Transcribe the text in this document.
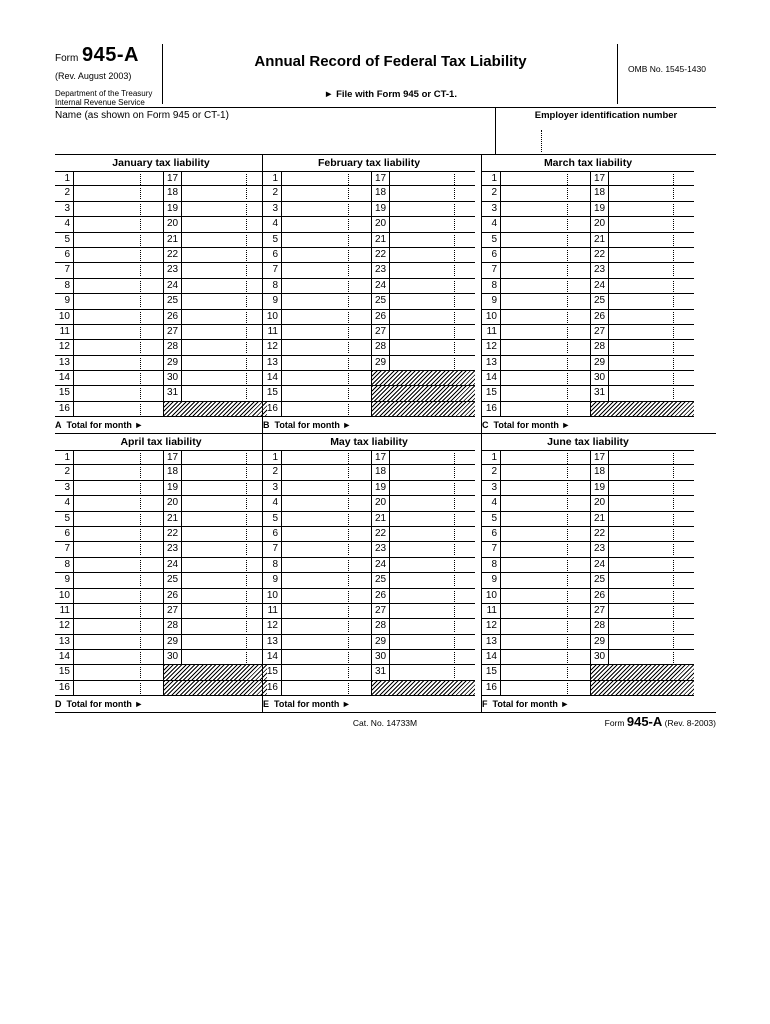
Form 945-A
(Rev. August 2003)
Department of the Treasury
Internal Revenue Service
Annual Record of Federal Tax Liability
► File with Form 945 or CT-1.
OMB No. 1545-1430
Name (as shown on Form 945 or CT-1)	Employer identification number
January tax liability
1	17
2	18
3	19
4	20
5	21
6	22
7	23
8	24
9	25
10	26
11	27
12	28
13	29
14	30
15	31
16
A Total for month ►
February tax liability
1	17
2	18
3	19
4	20
5	21
6	22
7	23
8	24
9	25
10	26
11	27
12	28
13	29
14
15
16
B Total for month ►
March tax liability
1	17
2	18
3	19
4	20
5	21
6	22
7	23
8	24
9	25
10	26
11	27
12	28
13	29
14	30
15	31
16
C Total for month ►
April tax liability
1	17
2	18
3	19
4	20
5	21
6	22
7	23
8	24
9	25
10	26
11	27
12	28
13	29
14	30
15
16
D Total for month ►
May tax liability
1	17
2	18
3	19
4	20
5	21
6	22
7	23
8	24
9	25
10	26
11	27
12	28
13	29
14	30
15	31
16
E Total for month ►
June tax liability
1	17
2	18
3	19
4	20
5	21
6	22
7	23
8	24
9	25
10	26
11	27
12	28
13	29
14	30
15
16
F Total for month ►
Cat. No. 14733M	Form 945-A (Rev. 8-2003)
